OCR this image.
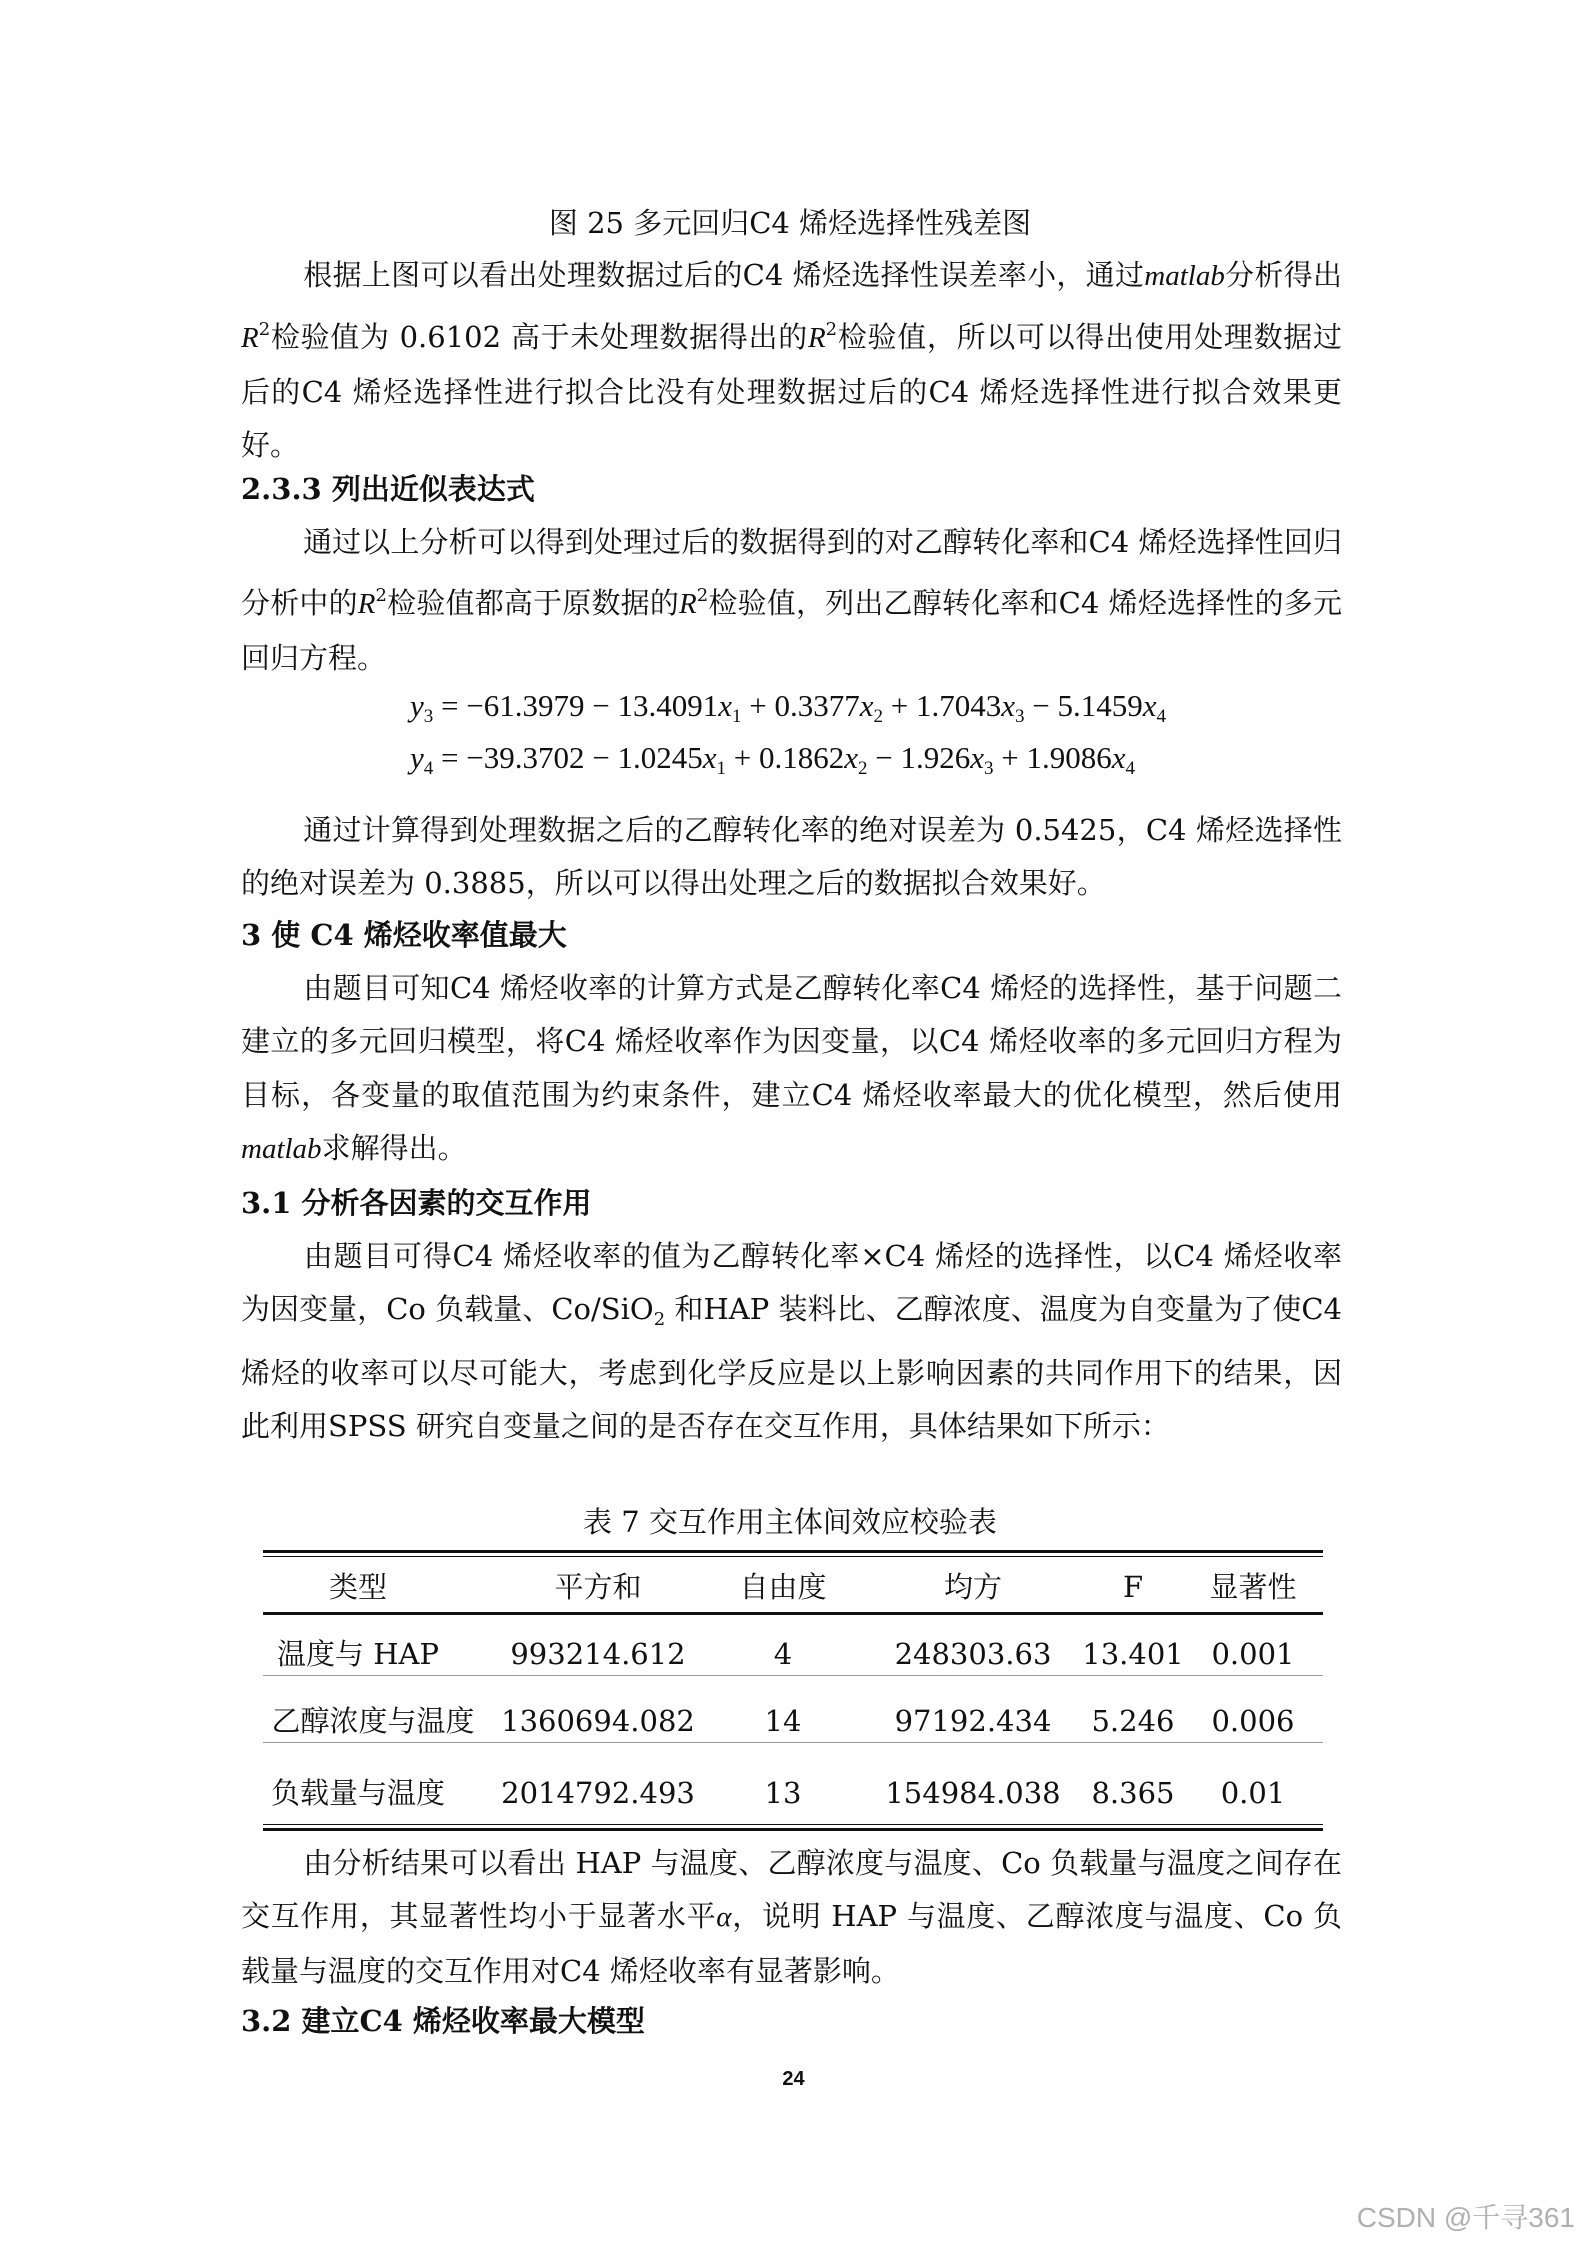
图 25 多元回归C4 烯烃选择性残差图

根据上图可以看出处理数据过后的C4 烯烃选择性误差率小，通过matlab分析得出$R^2$检验值为 0.6102 高于未处理数据得出的$R^2$检验值，所以可以得出使用处理数据过后的C4 烯烃选择性进行拟合比没有处理数据过后的C4 烯烃选择性进行拟合效果更好。

2.3.3 列出近似表达式

通过以上分析可以得到处理过后的数据得到的对乙醇转化率和C4 烯烃选择性回归分析中的$R^2$检验值都高于原数据的$R^2$检验值，列出乙醇转化率和C4 烯烃选择性的多元回归方程。

$y_3 = -61.3979 - 13.4091x_1 + 0.3377x_2 + 1.7043x_3 - 5.1459x_4$
$y_4 = -39.3702 - 1.0245x_1 + 0.1862x_2 - 1.926x_3 + 1.9086x_4$

通过计算得到处理数据之后的乙醇转化率的绝对误差为 0.5425，C4 烯烃选择性的绝对误差为 0.3885，所以可以得出处理之后的数据拟合效果好。

3 使 C4 烯烃收率值最大

由题目可知C4 烯烃收率的计算方式是乙醇转化率C4 烯烃的选择性，基于问题二建立的多元回归模型，将C4 烯烃收率作为因变量，以C4 烯烃收率的多元回归方程为目标，各变量的取值范围为约束条件，建立C4 烯烃收率最大的优化模型，然后使用matlab求解得出。

3.1 分析各因素的交互作用

由题目可得C4 烯烃收率的值为乙醇转化率×C4 烯烃的选择性，以C4 烯烃收率为因变量，Co 负载量、Co/SiO$_2$ 和HAP 装料比、乙醇浓度、温度为自变量为了使C4 烯烃的收率可以尽可能大，考虑到化学反应是以上影响因素的共同作用下的结果，因此利用SPSS 研究自变量之间的是否存在交互作用，具体结果如下所示：

表 7 交互作用主体间效应校验表
类型	平方和	自由度	均方	F	显著性
温度与 HAP	993214.612	4	248303.63	13.401 0.001
乙醇浓度与温度 1360694.082	14	97192.434	5.246	0.006
负载量与温度 2014792.493	13	154984.038	8.365	0.01

由分析结果可以看出 HAP 与温度、乙醇浓度与温度、Co 负载量与温度之间存在交互作用，其显著性均小于显著水平α，说明 HAP 与温度、乙醇浓度与温度、Co 负载量与温度的交互作用对C4 烯烃收率有显著影响。

3.2 建立C4 烯烃收率最大模型
24
CSDN @千寻361
